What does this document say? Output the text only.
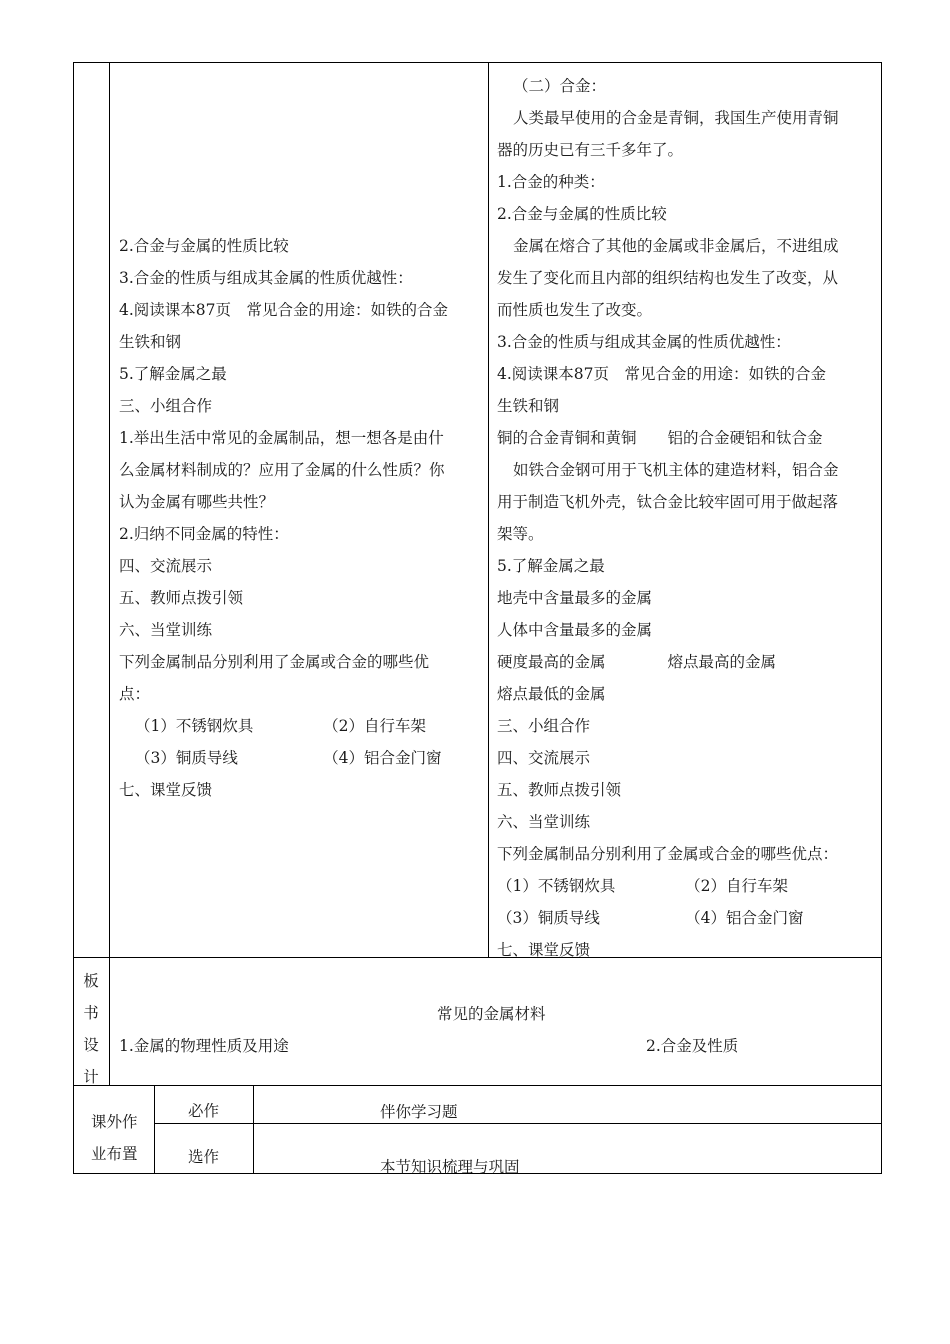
2.合金与金属的性质比较

3.合金的性质与组成其金属的性质优越性：

4.阅读课本87页　常见合金的用途：如铁的合金

生铁和钢

5.了解金属之最

三、小组合作

1.举出生活中常见的金属制品，想一想各是由什

么金属材料制成的？应用了金属的什么性质？你

认为金属有哪些共性？

2.归纳不同金属的特性：

四、交流展示

五、教师点拨引领

六、当堂训练

下列金属制品分别利用了金属或合金的哪些优

点：

（1）不锈钢炊具　　　　　（2）自行车架

（3）铜质导线　　　　　　（4）铝合金门窗

七、课堂反馈

（二）合金：

人类最早使用的合金是青铜，我国生产使用青铜

器的历史已有三千多年了。

1.合金的种类：

2.合金与金属的性质比较

金属在熔合了其他的金属或非金属后，不进组成

发生了变化而且内部的组织结构也发生了改变，从

而性质也发生了改变。

3.合金的性质与组成其金属的性质优越性：

4.阅读课本87页　常见合金的用途：如铁的合金

生铁和钢

铜的合金青铜和黄铜　　铝的合金硬铝和钛合金

如铁合金钢可用于飞机主体的建造材料，铝合金

用于制造飞机外壳，钛合金比较牢固可用于做起落

架等。

5.了解金属之最

地壳中含量最多的金属

人体中含量最多的金属

硬度最高的金属　　　　熔点最高的金属

熔点最低的金属

三、小组合作

四、交流展示

五、教师点拨引领

六、当堂训练

下列金属制品分别利用了金属或合金的哪些优点：

（1）不锈钢炊具　　　　　（2）自行车架

（3）铜质导线　　　　　　（4）铝合金门窗

七、课堂反馈

板
书
设
计
常见的金属材料
1.金属的物理性质及用途	2.合金及性质
课外作
业布置
必作	伴你学习题
选作
本节知识梳理与巩固
